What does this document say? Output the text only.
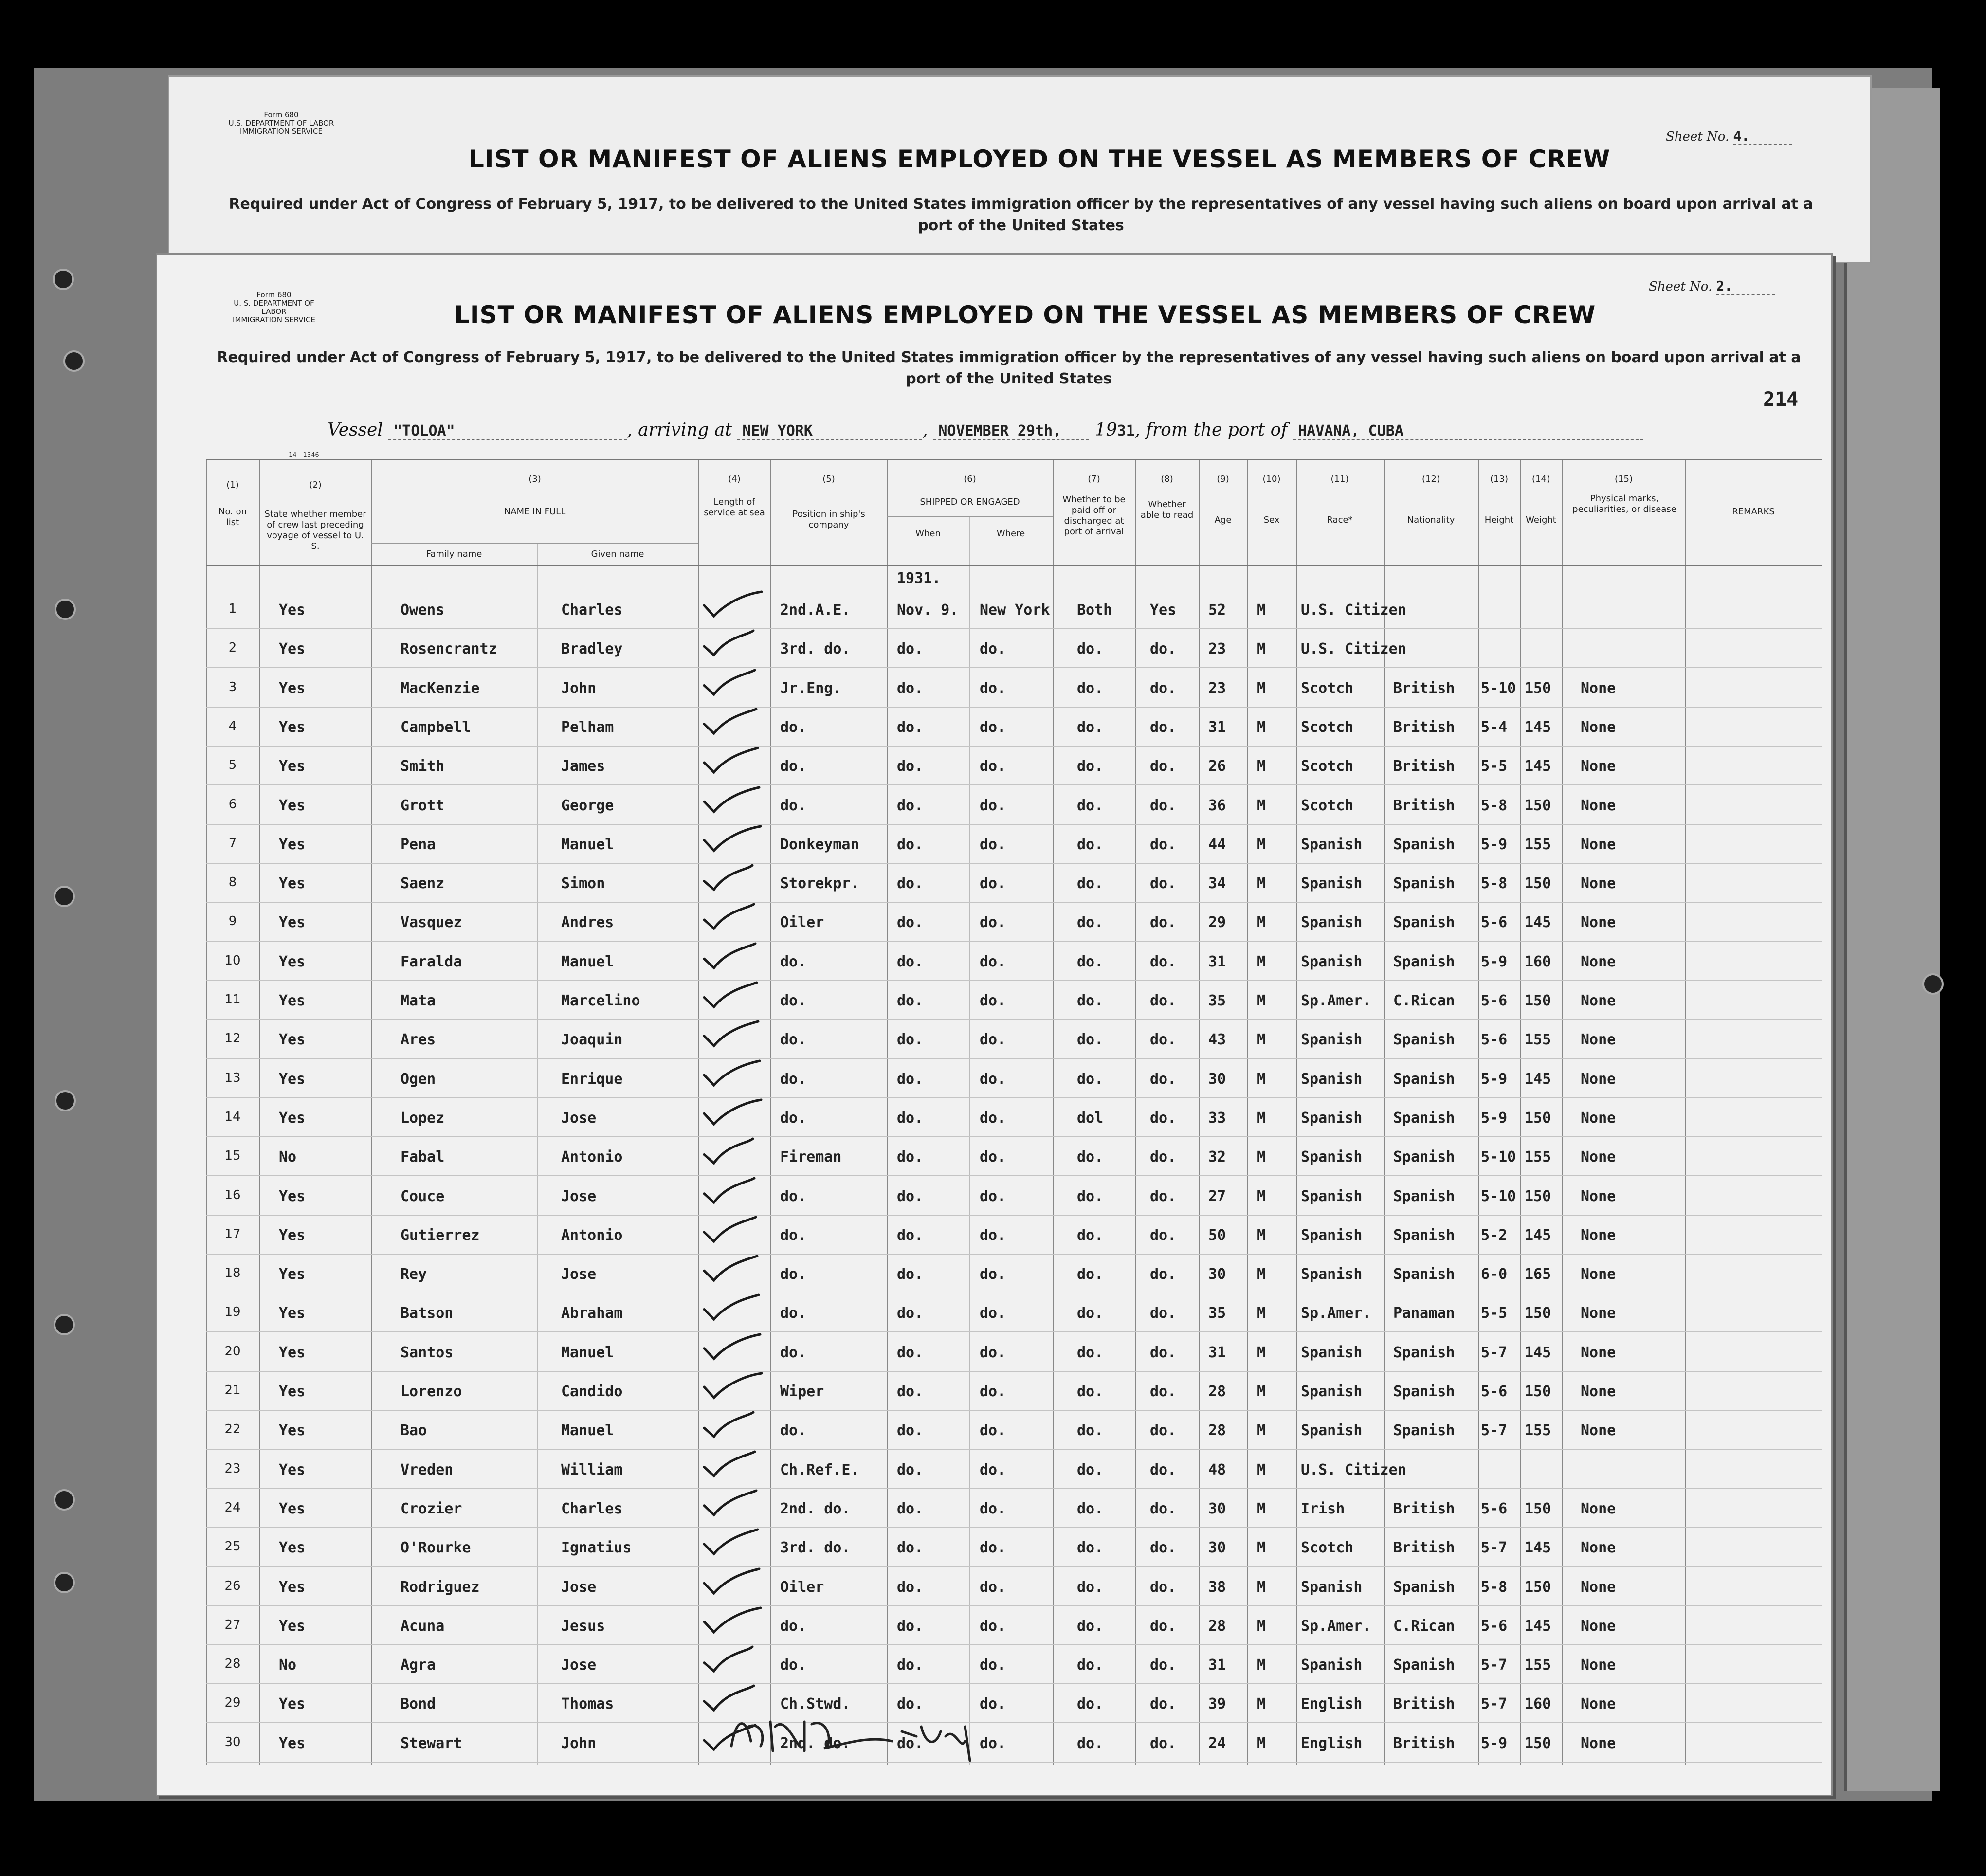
Form 680
U.S. DEPARTMENT OF LABOR
IMMIGRATION SERVICE	Sheet No. 4.
LIST OR MANIFEST OF ALIENS EMPLOYED ON THE VESSEL AS MEMBERS OF CREW
Required under Act of Congress of February 5, 1917, to be delivered to the United States immigration officer by the representatives of any vessel having such aliens on board upon arrival at a
port of the United States
Form 680
U. S. DEPARTMENT OF LABOR
IMMIGRATION SERVICE
Sheet No. 2.
LIST OR MANIFEST OF ALIENS EMPLOYED ON THE VESSEL AS MEMBERS OF CREW
Required under Act of Congress of February 5, 1917, to be delivered to the United States immigration officer by the representatives of any vessel having such aliens on board upon arrival at a
port of the United States
214
Vessel "TOLOA"	, arriving at NEW YORK	, NOVEMBER 29th, 1931, from the port of HAVANA, CUBA
14—1346
(1)	(2)
(3)	(4)	(5)	(6)	(7)	(8)	(9)	(10)	(11)	(12)	(13)	(14)	(15)
No. on list
State whether member of crew last preceding voyage of vessel to U. S.
NAME IN FULL
Family name	Given name
Length of service at sea	Position in ship's company
SHIPPED OR ENGAGED
When	Where
Whether to be paid off or discharged at port of arrival
Whether able to read	Age	Sex	Race*	Nationality	Height	Weight
Physical marks, peculiarities, or disease	REMARKS
1931.
1	Yes	Owens	Charles	2nd.A.E.	Nov. 9.	New York Both	Yes	52	M	U.S. Citizen
2	Yes	Rosencrantz	Bradley	3rd. do.	do.	do.	do.	do.	23	M	U.S. Citizen
3	Yes	MacKenzie	John	Jr.Eng.	do.	do.	do.	do.	23	M	Scotch	British	5-10 150	None
4	Yes	Campbell	Pelham	do.	do.	do.	do.	do.	31	M	Scotch	British	5-4	145	None
5	Yes	Smith	James	do.	do.	do.	do.	do.	26	M	Scotch	British	5-5	145	None
6	Yes	Grott	George	do.	do.	do.	do.	do.	36	M	Scotch	British	5-8	150	None
7	Yes	Pena	Manuel	Donkeyman	do.	do.	do.	do.	44	M	Spanish	Spanish	5-9	155	None
8	Yes	Saenz	Simon	Storekpr.	do.	do.	do.	do.	34	M	Spanish	Spanish	5-8	150	None
9	Yes	Vasquez	Andres	Oiler	do.	do.	do.	do.	29	M	Spanish	Spanish	5-6	145	None
10	Yes	Faralda	Manuel	do.	do.	do.	do.	do.	31	M	Spanish	Spanish	5-9	160	None
11	Yes	Mata	Marcelino	do.	do.	do.	do.	do.	35	M	Sp.Amer.	C.Rican	5-6	150	None
12	Yes	Ares	Joaquin	do.	do.	do.	do.	do.	43	M	Spanish	Spanish	5-6	155	None
13	Yes	Ogen	Enrique	do.	do.	do.	do.	do.	30	M	Spanish	Spanish	5-9	145	None
14	Yes	Lopez	Jose	do.	do.	do.	dol	do.	33	M	Spanish	Spanish	5-9	150	None
15	No	Fabal	Antonio	Fireman	do.	do.	do.	do.	32	M	Spanish	Spanish	5-10 155	None
16	Yes	Couce	Jose	do.	do.	do.	do.	do.	27	M	Spanish	Spanish	5-10 150	None
17	Yes	Gutierrez	Antonio	do.	do.	do.	do.	do.	50	M	Spanish	Spanish	5-2	145	None
18	Yes	Rey	Jose	do.	do.	do.	do.	do.	30	M	Spanish	Spanish	6-0	165	None
19	Yes	Batson	Abraham	do.	do.	do.	do.	do.	35	M	Sp.Amer.	Panaman	5-5	150	None
20	Yes	Santos	Manuel	do.	do.	do.	do.	do.	31	M	Spanish	Spanish	5-7	145	None
21	Yes	Lorenzo	Candido	Wiper	do.	do.	do.	do.	28	M	Spanish	Spanish	5-6	150	None
22	Yes	Bao	Manuel	do.	do.	do.	do.	do.	28	M	Spanish	Spanish	5-7	155	None
23	Yes	Vreden	William	Ch.Ref.E.	do.	do.	do.	do.	48	M	U.S. Citizen
24	Yes	Crozier	Charles	2nd. do.	do.	do.	do.	do.	30	M	Irish	British	5-6	150	None
25	Yes	O'Rourke	Ignatius	3rd. do.	do.	do.	do.	do.	30	M	Scotch	British	5-7	145	None
26	Yes	Rodriguez	Jose	Oiler	do.	do.	do.	do.	38	M	Spanish	Spanish	5-8	150	None
27	Yes	Acuna	Jesus	do.	do.	do.	do.	do.	28	M	Sp.Amer.	C.Rican	5-6	145	None
28	No	Agra	Jose	do.	do.	do.	do.	do.	31	M	Spanish	Spanish	5-7	155	None
29	Yes	Bond	Thomas	Ch.Stwd.	do.	do.	do.	do.	39	M	English	British	5-7	160	None
30	Yes	Stewart	John	2nd. do.	do.	do.	do.	do.	24	M	English	British	5-9	150	None
